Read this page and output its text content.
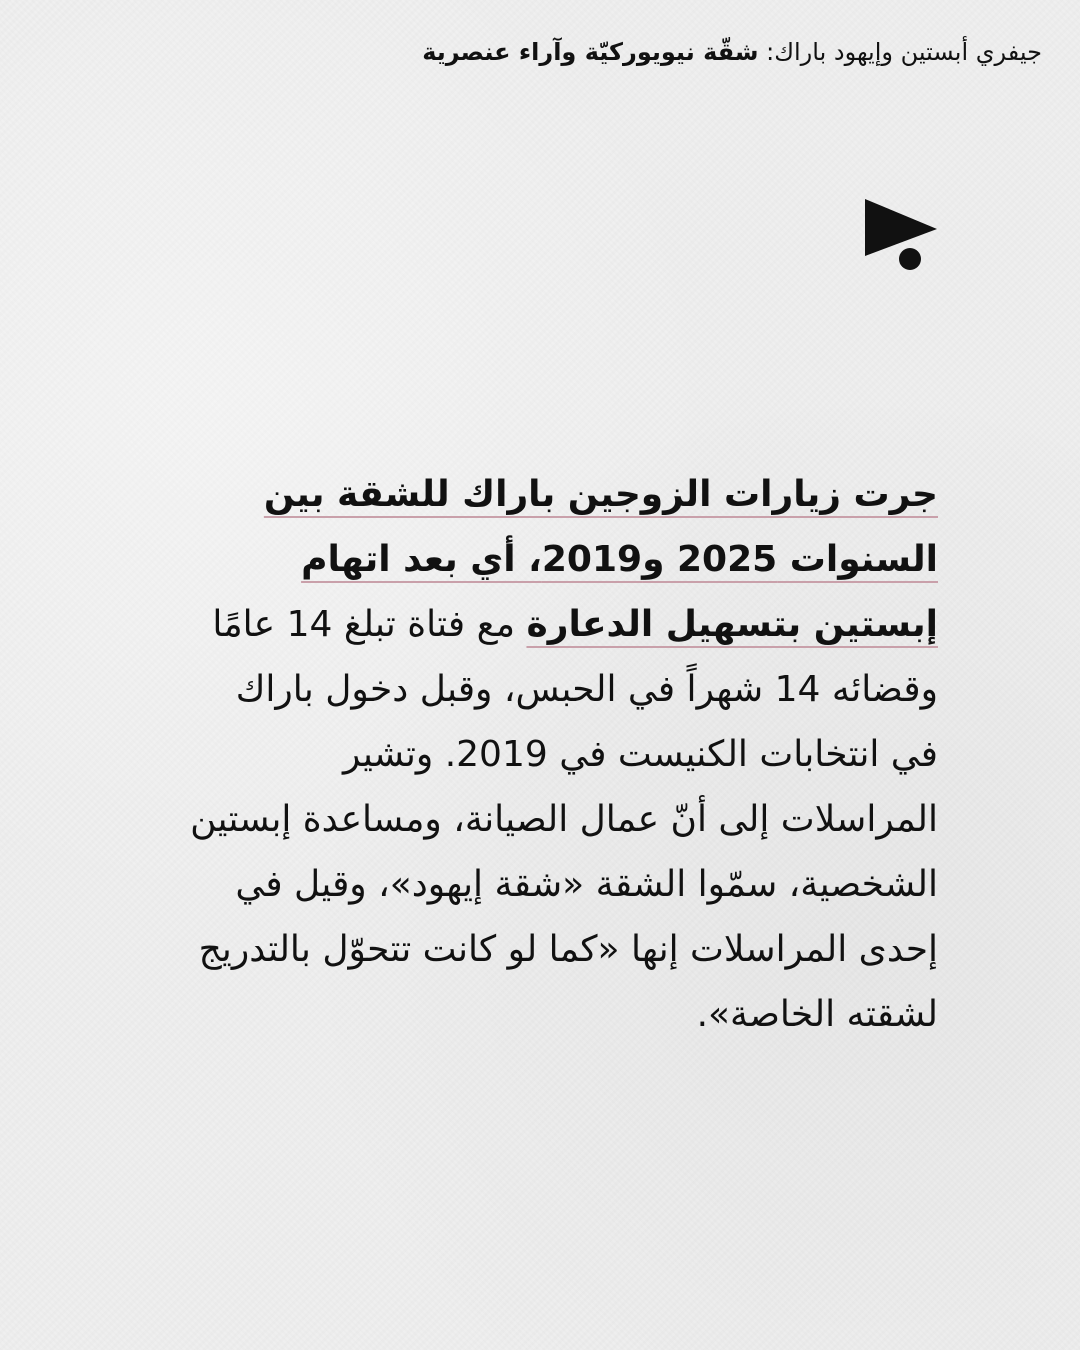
جيفري أبستين وإيهود باراك: شقّة نيويوركيّة وآراء عنصرية
جرت زيارات الزوجين باراك للشقة بين السنوات 2025 و2019، أي بعد اتهام إبستين بتسهيل الدعارة مع فتاة تبلغ 14 عامًا وقضائه 14 شهراً في الحبس، وقبل دخول باراك في انتخابات الكنيست في 2019. وتشير المراسلات إلى أنّ عمال الصيانة، ومساعدة إبستين الشخصية، سمّوا الشقة «شقة إيهود»، وقيل في إحدى المراسلات إنها «كما لو كانت تتحوّل بالتدريج لشقته الخاصة».
